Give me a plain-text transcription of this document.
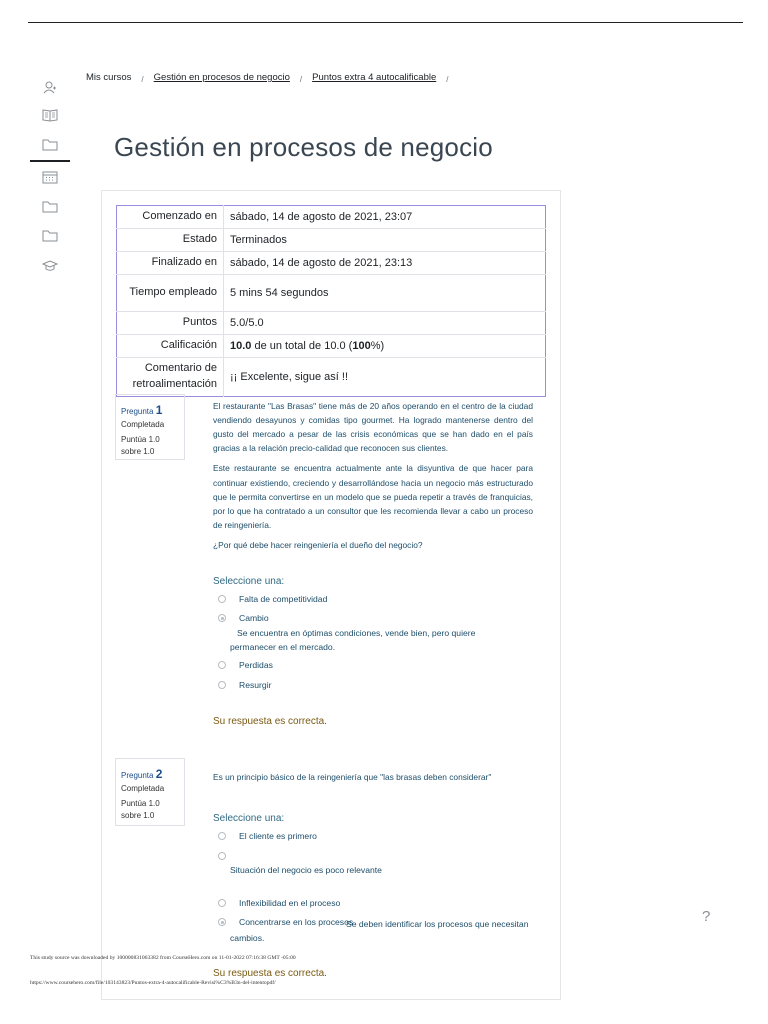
Mis cursos / Gestión en procesos de negocio / Puntos extra 4 autocalificable /
Gestión en procesos de negocio
Comenzado en	sábado, 14 de agosto de 2021, 23:07
Estado	Terminados
Finalizado en	sábado, 14 de agosto de 2021, 23:13
Tiempo empleado	5 mins 54 segundos
Puntos	5.0/5.0
Calificación	10.0 de un total de 10.0 (100%)
Comentario de retroalimentación	¡¡ Excelente, sigue así !!
Pregunta 1
Completada
Puntúa 1.0 sobre 1.0

El restaurante "Las Brasas" tiene más de 20 años operando en el centro de la ciudad vendiendo desayunos y comidas tipo gourmet. Ha logrado mantenerse dentro del gusto del mercado a pesar de las crisis económicas que se han dado en el país gracias a la relación precio-calidad que reconocen sus clientes.

Este restaurante se encuentra actualmente ante la disyuntiva de que hacer para continuar existiendo, creciendo y desarrollándose hacia un negocio más estructurado que le permita convertirse en un modelo que se pueda repetir a través de franquicias, por lo que ha contratado a un consultor que les recomienda llevar a cabo un proceso de reingeniería.

¿Por qué debe hacer reingeniería el dueño del negocio?

Seleccione una:
Falta de competitividad
Cambio
Se encuentra en óptimas condiciones, vende bien, pero quiere permanecer en el mercado.
Perdidas
Resurgir
Su respuesta es correcta.
Pregunta 2
Completada
Puntúa 1.0 sobre 1.0

Es un principio básico de la reingeniería que "las brasas deben considerar"

Seleccione una:
El cliente es primero
Situación del negocio es poco relevante
Inflexibilidad en el proceso
Concentrarse en los procesos
Se deben identificar los procesos que necesitan cambios.
Su respuesta es correcta.
?
This study source was downloaded by 100000831063382 from CourseHero.com on 11-01-2022 07:16:38 GMT -05:00
https://www.coursehero.com/file/103143823/Puntos-extra-4-autocalificable-Revisi%C3%B3n-del-intentopdf/
